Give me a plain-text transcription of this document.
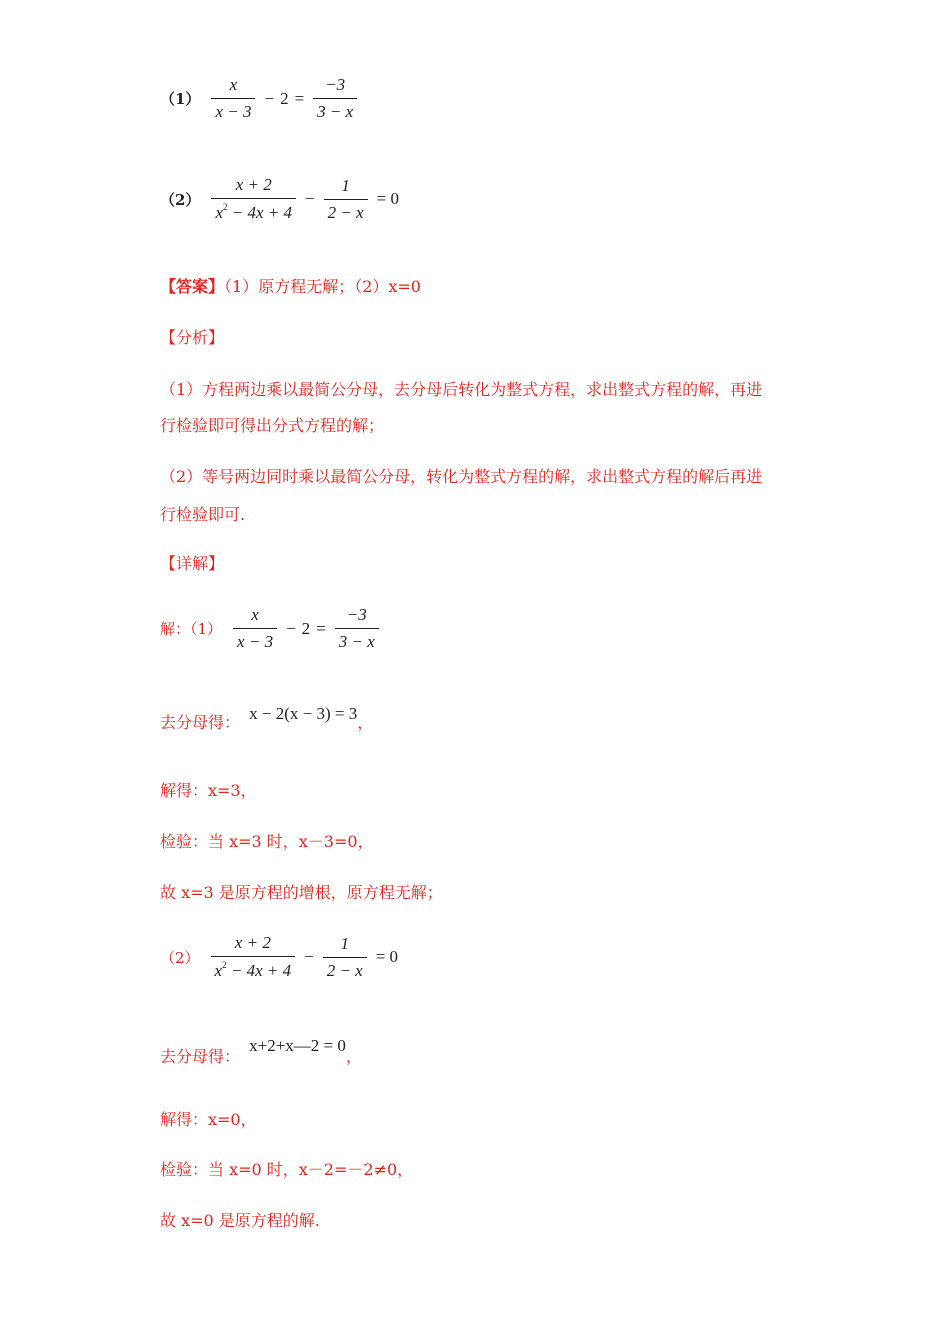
$(1) \frac{x}{x - 3} - 2 = \frac{-3}{3 - x}$
$(2) \frac{x + 2}{x^2 - 4x + 4} - \frac{1}{2 - x} = 0$
【答案】（1）原方程无解；（2）x=0
【分析】
（1）方程两边乘以最简公分母，去分母后转化为整式方程，求出整式方程的解，再进
行检验即可得出分式方程的解；
（2）等号两边同时乘以最简公分母，转化为整式方程的解，求出整式方程的解后再进
行检验即可.
【详解】
解：$(1) \frac{x}{x - 3} - 2 = \frac{-3}{3 - x}$
去分母得： x − 2(x − 3) = 3，
解得：x=3，
检验：当 x=3 时，x－3=0，
故 x=3 是原方程的增根，原方程无解；
$(2) \frac{x + 2}{x^2 - 4x + 4} - \frac{1}{2 - x} = 0$
去分母得： x+2+x—2 = 0，
解得：x=0，
检验：当 x=0 时，x－2=－2≠0，
故 x=0 是原方程的解.
